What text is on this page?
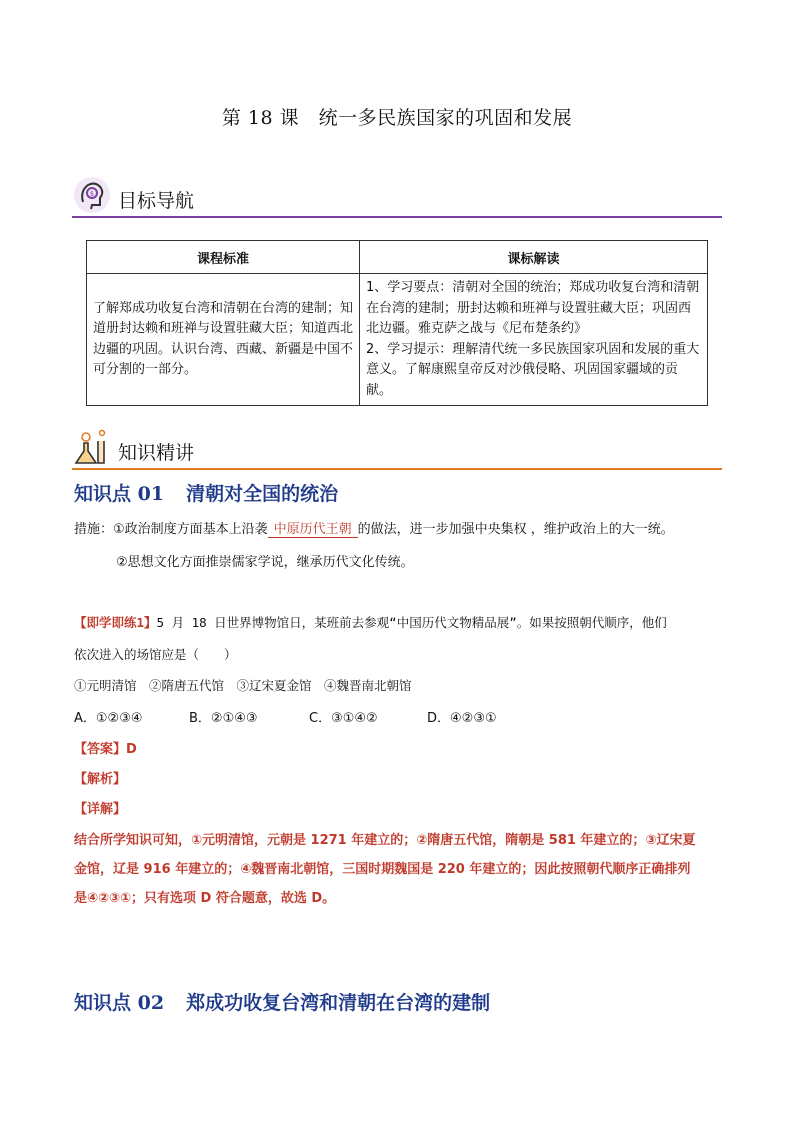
第 18 课　统一多民族国家的巩固和发展
$ 目标导航
课程标准	课标解读
了解郑成功收复台湾和清朝在台湾的建制；知道册封达赖和班禅与设置驻藏大臣；知道西北边疆的巩固。认识台湾、西藏、新疆是中国不可分割的一部分。	1、学习要点：清朝对全国的统治；郑成功收复台湾和清朝在台湾的建制；册封达赖和班禅与设置驻藏大臣；巩固西北边疆。雅克萨之战与《尼布楚条约》
2、学习提示：理解清代统一多民族国家巩固和发展的重大意义。了解康熙皇帝反对沙俄侵略、巩固国家疆域的贡献。
知识精讲
知识点 01 清朝对全国的统治
措施：①政治制度方面基本上沿袭 中原历代王朝 的做法，进一步加强中央集权 ，维护政治上的大一统。
②思想文化方面推崇儒家学说，继承历代文化传统。
【即学即练1】5 月 18 日世界博物馆日，某班前去参观“中国历代文物精品展”。如果按照朝代顺序，他们
依次进入的场馆应是（　　）
①元明清馆　②隋唐五代馆　③辽宋夏金馆　④魏晋南北朝馆
A．①②③④	B．②①④③	C．③①④②	D．④②③①
【答案】D
【解析】
【详解】
结合所学知识可知，①元明清馆，元朝是 1271 年建立的；②隋唐五代馆，隋朝是 581 年建立的；③辽宋夏
金馆，辽是 916 年建立的；④魏晋南北朝馆，三国时期魏国是 220 年建立的；因此按照朝代顺序正确排列
是④②③①；只有选项 D 符合题意，故选 D。
知识点 02 郑成功收复台湾和清朝在台湾的建制
